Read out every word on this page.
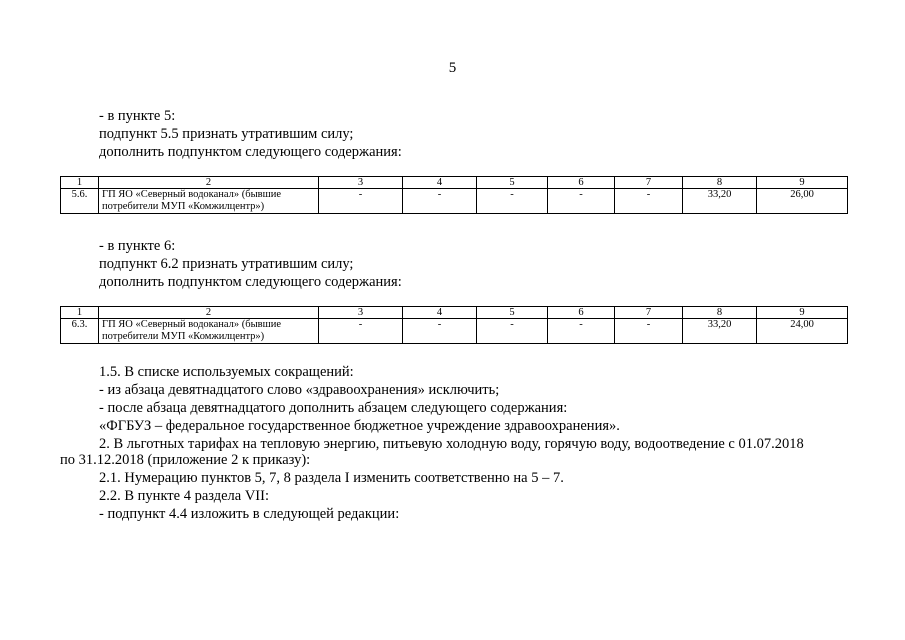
5
- в пункте 5:
подпункт 5.5 признать утратившим силу;
дополнить подпунктом следующего содержания:
1	2	3	4	5	6	7	8	9
5.6.	ГП ЯО «Северный водоканал» (бывшие
потребители МУП «Комжилцентр»)	-	-	-	-	-	33,20	26,00
- в пункте 6:
подпункт 6.2 признать утратившим силу;
дополнить подпунктом следующего содержания:
1	2	3	4	5	6	7	8	9
6.3.	ГП ЯО «Северный водоканал» (бывшие
потребители МУП «Комжилцентр»)	-	-	-	-	-	33,20	24,00
1.5. В списке используемых сокращений:
- из абзаца девятнадцатого слово «здравоохранения» исключить;
- после абзаца девятнадцатого дополнить абзацем следующего содержания:
«ФГБУЗ – федеральное государственное бюджетное учреждение здравоохранения».
2. В льготных тарифах на тепловую энергию, питьевую холодную воду, горячую воду, водоотведение с 01.07.2018
по 31.12.2018 (приложение 2 к приказу):
2.1. Нумерацию пунктов 5, 7, 8 раздела I изменить соответственно на 5 – 7.
2.2. В пункте 4 раздела VII:
- подпункт 4.4 изложить в следующей редакции:
